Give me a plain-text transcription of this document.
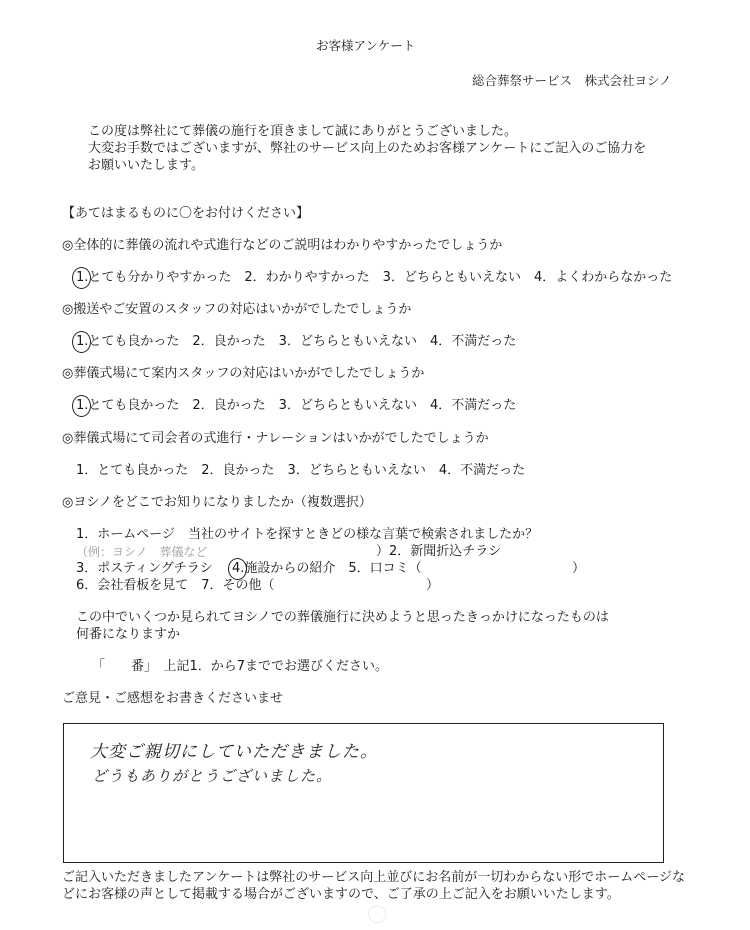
お客様アンケート
総合葬祭サービス　株式会社ヨシノ
この度は弊社にて葬儀の施行を頂きまして誠にありがとうございました。
大変お手数ではございますが、弊社のサービス向上のためお客様アンケートにご記入のご協力を
お願いいたします。
【あてはまるものに〇をお付けください】
◎全体的に葬儀の流れや式進行などのご説明はわかりやすかったでしょうか
1.とても分かりやすかった　2．わかりやすかった　3．どちらともいえない　4．よくわからなかった
◎搬送やご安置のスタッフの対応はいかがでしたでしょうか
1.とても良かった　2．良かった　3．どちらともいえない　4．不満だった
◎葬儀式場にて案内スタッフの対応はいかがでしたでしょうか
1.とても良かった　2．良かった　3．どちらともいえない　4．不満だった
◎葬儀式場にて司会者の式進行・ナレーションはいかがでしたでしょうか
1．とても良かった　2．良かった　3．どちらともいえない　4．不満だった
◎ヨシノをどこでお知りになりましたか（複数選択）
1．ホームページ　当社のサイトを探すときどの様な言葉で検索されましたか？
（例：ヨシノ　葬儀など	）2．新聞折込チラシ
3．ポスティングチラシ 4.施設からの紹介　5．口コミ（	）
6．会社看板を見て　7．その他（	）
この中でいくつか見られてヨシノでの葬儀施行に決めようと思ったきっかけになったものは
何番になりますか
「　　番」　上記1．から7まででお選びください。
ご意見・ご感想をお書きくださいませ
大変ご親切にしていただきました。
どうもありがとうございました。
ご記入いただきましたアンケートは弊社のサービス向上並びにお名前が一切わからない形でホームページな
どにお客様の声として掲載する場合がございますので、ご了承の上ご記入をお願いいたします。
